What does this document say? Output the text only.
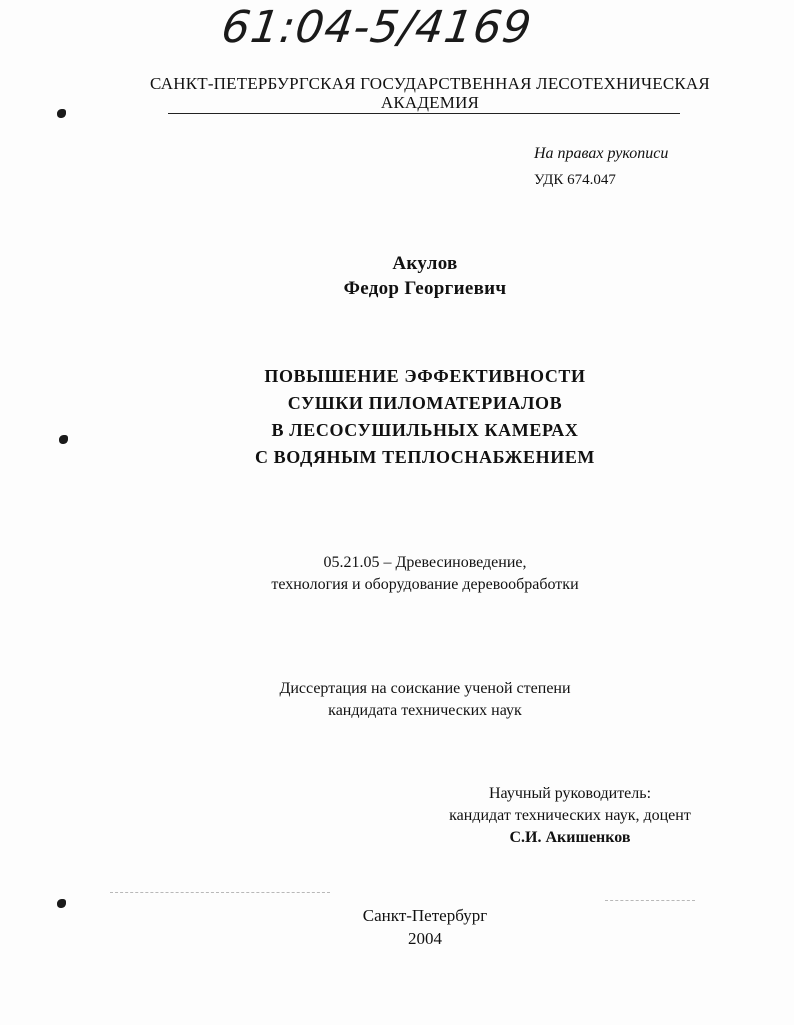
61:04-5/4169
САНКТ-ПЕТЕРБУРГСКАЯ ГОСУДАРСТВЕННАЯ ЛЕСОТЕХНИЧЕСКАЯ
АКАДЕМИЯ
На правах рукописи
УДК 674.047
Акулов
Федор Георгиевич
ПОВЫШЕНИЕ ЭФФЕКТИВНОСТИ
СУШКИ ПИЛОМАТЕРИАЛОВ
В ЛЕСОСУШИЛЬНЫХ КАМЕРАХ
С ВОДЯНЫМ ТЕПЛОСНАБЖЕНИЕМ
05.21.05 – Древесиноведение,
технология и оборудование деревообработки
Диссертация на соискание ученой степени
кандидата технических наук
Научный руководитель:
кандидат технических наук, доцент
С.И. Акишенков
Санкт-Петербург
2004
